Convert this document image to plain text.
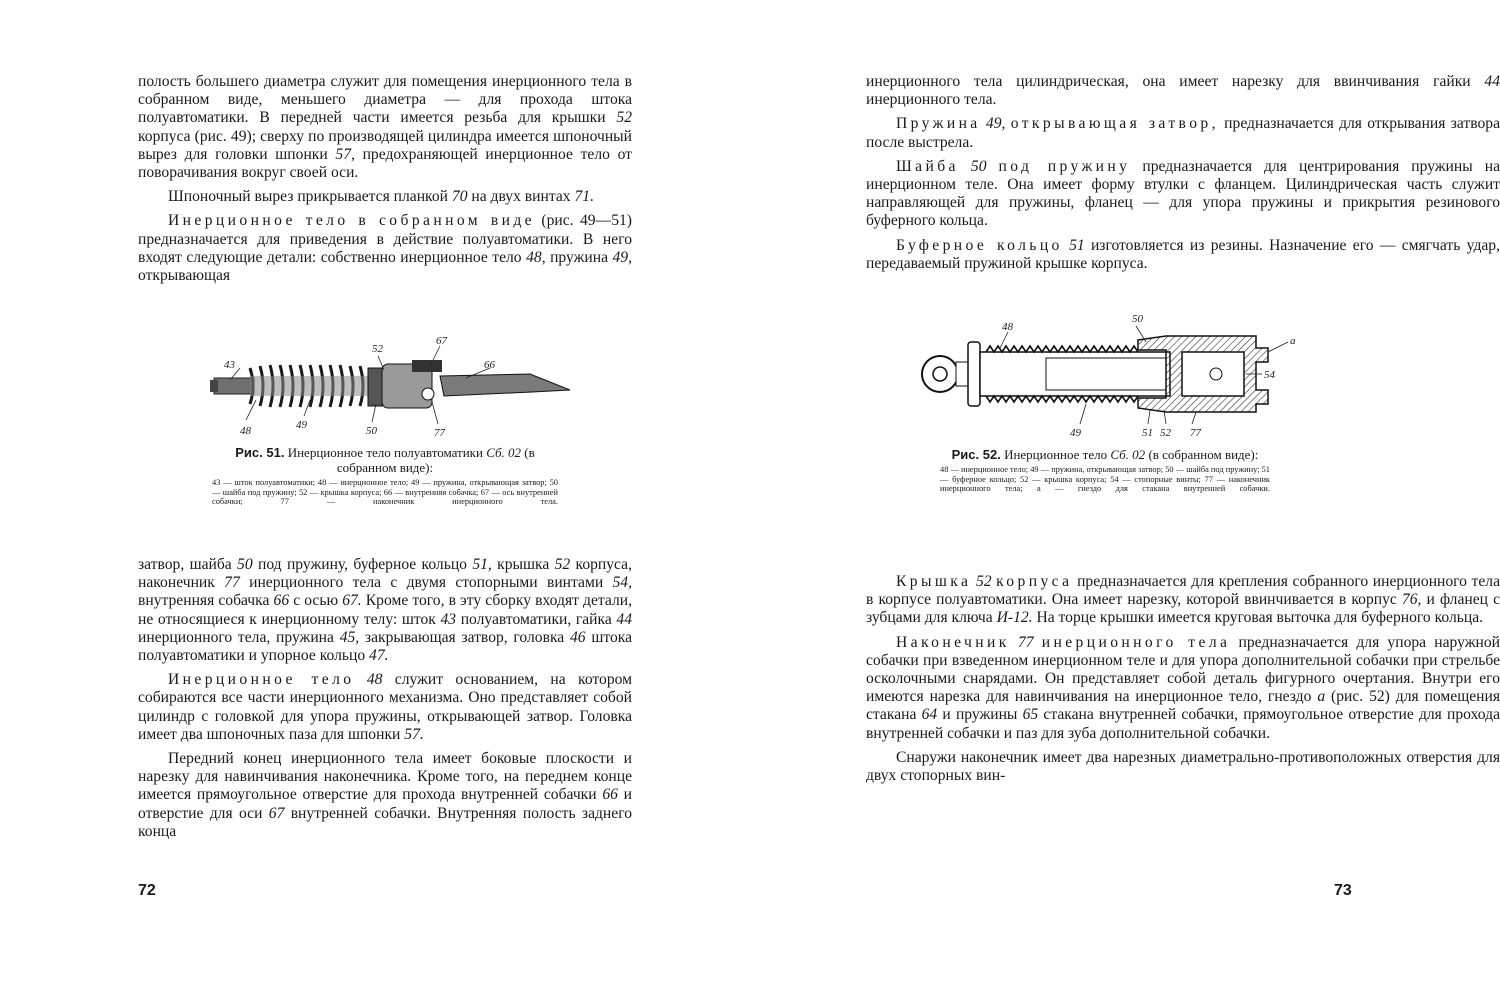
полость большего диаметра служит для помещения инерционного тела в собранном виде, меньшего диаметра — для прохода штока полуавтоматики. В передней части имеется резьба для крышки 52 корпуса (рис. 49); сверху по производящей цилиндра имеется шпоночный вырез для головки шпонки 57, предохраняющей инерционное тело от поворачивания вокруг своей оси.

Шпоночный вырез прикрывается планкой 70 на двух винтах 71.

Инерционное тело в собранном виде (рис. 49—51) предназначается для приведения в действие полуавтоматики. В него входят следующие детали: собственно инерционное тело 48, пружина 49, открывающая

43
52
67
66
48	49	50	77
Рис. 51. Инерционное тело полуавтоматики Сб. 02 (в собранном виде):
43 — шток полуавтоматики; 48 — инерционное тело; 49 — пружина, открывающая затвор; 50 — шайба под пружину; 52 — крышка корпуса; 66 — внутренняя собачка; 67 — ось внутренней собачки; 77 — наконечник инерционного тела.

затвор, шайба 50 под пружину, буферное кольцо 51, крышка 52 корпуса, наконечник 77 инерционного тела с двумя стопорными винтами 54, внутренняя собачка 66 с осью 67. Кроме того, в эту сборку входят детали, не относящиеся к инерционному телу: шток 43 полуавтоматики, гайка 44 инерционного тела, пружина 45, закрывающая затвор, головка 46 штока полуавтоматики и упорное кольцо 47.

Инерционное тело 48 служит основанием, на котором собираются все части инерционного механизма. Оно представляет собой цилиндр с головкой для упора пружины, открывающей затвор. Головка имеет два шпоночных паза для шпонки 57.

Передний конец инерционного тела имеет боковые плоскости и нарезку для навинчивания наконечника. Кроме того, на переднем конце имеется прямоугольное отверстие для прохода внутренней собачки 66 и отверстие для оси 67 внутренней собачки. Внутренняя полость заднего конца

72

инерционного тела цилиндрическая, она имеет нарезку для ввинчивания гайки 44 инерционного тела.

Пружина 49, открывающая затвор, предназначается для открывания затвора после выстрела.

Шайба 50 под пружину предназначается для центрирования пружины на инерционном теле. Она имеет форму втулки с фланцем. Цилиндрическая часть служит направляющей для пружины, фланец — для упора пружины и прикрытия резинового буферного кольца.

Буферное кольцо 51 изготовляется из резины. Назначение его — смягчать удар, передаваемый пружиной крышке корпуса.

48
50
a
54
49	51 52 77
Рис. 52. Инерционное тело Сб. 02 (в собранном виде):
48 — инерционное тело; 49 — пружина, открывающая затвор; 50 — шайба под пружину; 51 — буферное кольцо; 52 — крышка корпуса; 54 — стопорные винты; 77 — наконечник инерционного тела; a — гнездо для стакана внутренней собачки.

Крышка 52 корпуса предназначается для крепления собранного инерционного тела в корпусе полуавтоматики. Она имеет нарезку, которой ввинчивается в корпус 76, и фланец с зубцами для ключа И-12. На торце крышки имеется круговая выточка для буферного кольца.

Наконечник 77 инерционного тела предназначается для упора наружной собачки при взведенном инерционном теле и для упора дополнительной собачки при стрельбе осколочными снарядами. Он представляет собой деталь фигурного очертания. Внутри его имеются нарезка для навинчивания на инерционное тело, гнездо а (рис. 52) для помещения стакана 64 и пружины 65 стакана внутренней собачки, прямоугольное отверстие для прохода внутренней собачки и паз для зуба дополнительной собачки.

Снаружи наконечник имеет два нарезных диаметрально-противоположных отверстия для двух стопорных вин-

73
